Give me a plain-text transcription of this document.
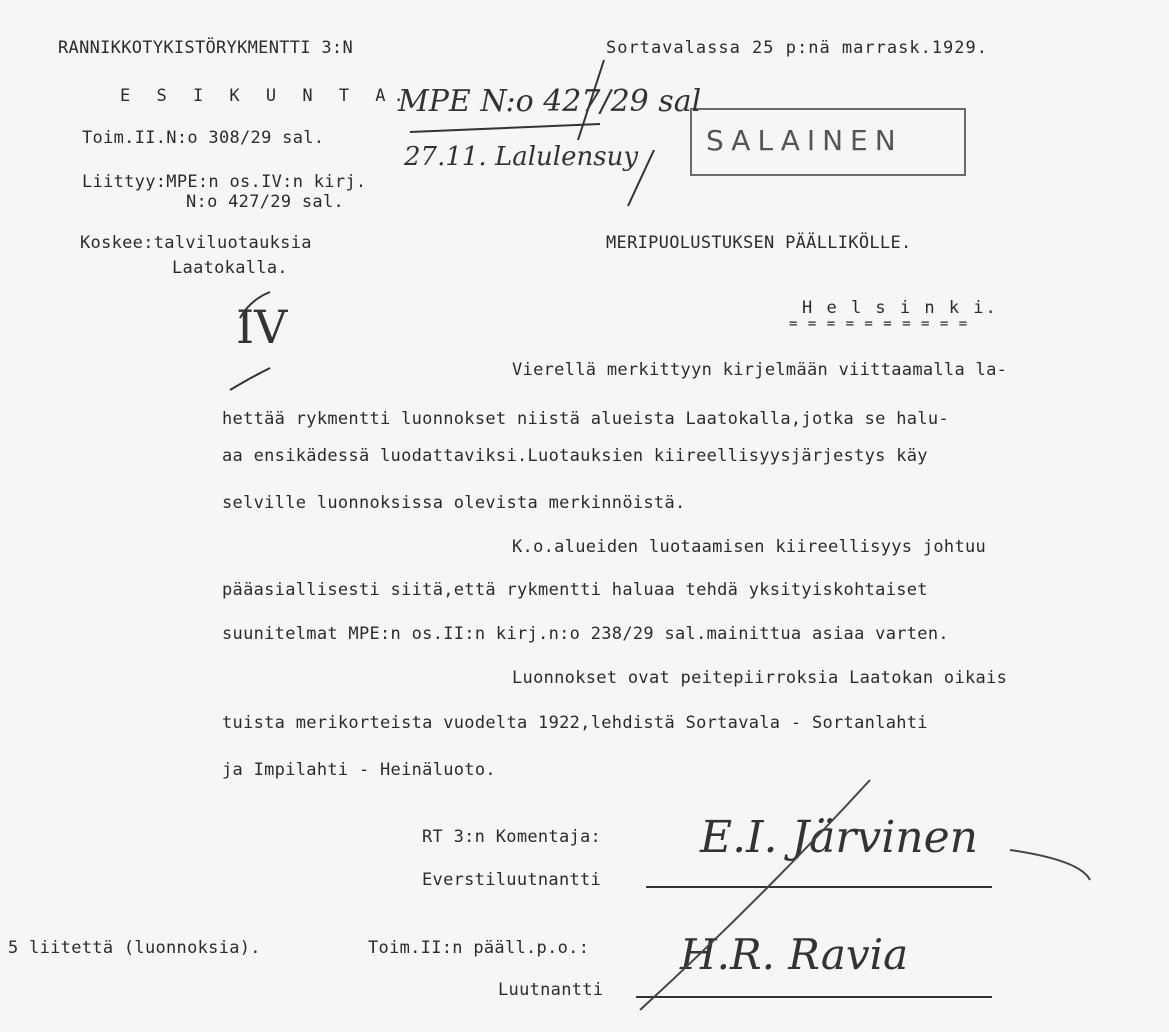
RANNIKKOTYKISTÖRYKMENTTI 3:N	Sortavalassa 25 p:nä marrask.1929.
E S I K U N T A.
Toim.II.N:o 308/29 sal.
Liittyy:MPE:n os.IV:n kirj.
N:o 427/29 sal.
Koskee:talviluotauksia
Laatokalla.
MERIPUOLUSTUKSEN PÄÄLLIKÖLLE.
H e l s i n k i.
= = = = = = = = = =
SALAINEN
MPE N:o 427/29 sal
27.11. Lalulensuy
IV
Vierellä merkittyyn kirjelmään viittaamalla la-
hettää rykmentti luonnokset niistä alueista Laatokalla,jotka se halu-
aa ensikädessä luodattaviksi.Luotauksien kiireellisyysjärjestys käy
selville luonnoksissa olevista merkinnöistä.
K.o.alueiden luotaamisen kiireellisyys johtuu
pääasiallisesti siitä,että rykmentti haluaa tehdä yksityiskohtaiset
suunitelmat MPE:n os.II:n kirj.n:o 238/29 sal.mainittua asiaa varten.
Luonnokset ovat peitepiirroksia Laatokan oikais
tuista merikorteista vuodelta 1922,lehdistä Sortavala - Sortanlahti
ja Impilahti - Heinäluoto.
RT 3:n Komentaja:
Everstiluutnantti
E.I. Järvinen
5 liitettä (luonnoksia).	Toim.II:n pääll.p.o.:
Luutnantti
H.R. Ravia
